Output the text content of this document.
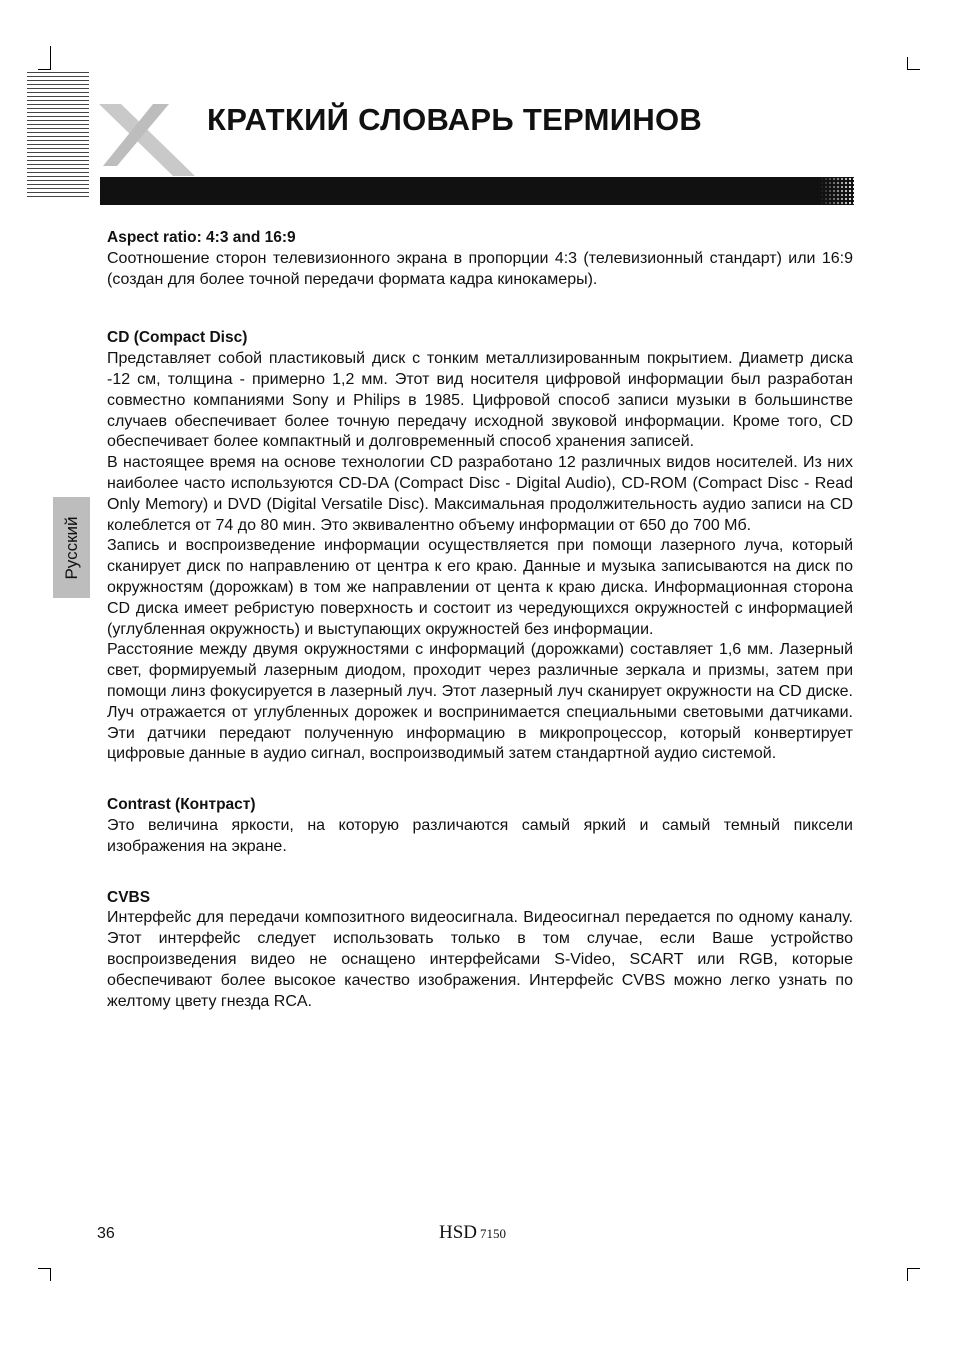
КРАТКИЙ СЛОВАРЬ ТЕРМИНОВ
Русский
Aspect ratio: 4:3 and 16:9

Соотношение сторон телевизионного экрана в пропорции 4:3 (телевизионный стандарт) или 16:9 (создан для более точной передачи формата кадра кинокамеры).

CD (Compact Disc)

Представляет собой пластиковый диск с тонким металлизированным покрытием. Диаметр диска -12 см, толщина - примерно 1,2 мм. Этот вид носителя цифровой информации был разработан совместно компаниями Sony и Philips в 1985. Цифровой способ записи музыки в большинстве случаев обеспечивает более точную передачу исходной звуковой информации. Кроме того, CD обеспечивает более компактный и долговременный способ хранения записей.

В настоящее время на основе технологии CD разработано 12 различных видов носителей. Из них наиболее часто используются CD-DA (Compact Disc - Digital Audio), CD-ROM (Compact Disc - Read Only Memory) и DVD (Digital Versatile Disc). Максимальная продолжительность аудио записи на CD колеблется от 74 до 80 мин. Это эквивалентно объему информации от 650 до 700 Мб.

Запись и воспроизведение информации осуществляется при помощи лазерного луча, который сканирует диск по направлению от центра к его краю. Данные и музыка записываются на диск по окружностям (дорожкам) в том же направлении от цента к краю диска. Информационная сторона CD диска имеет ребристую поверхность и состоит из чередующихся окружностей с информацией (углубленная окружность) и выступающих окружностей без информации.

Расстояние между двумя окружностями с информаций (дорожками) составляет 1,6 мм. Лазерный свет, формируемый лазерным диодом, проходит через различные зеркала и призмы, затем при помощи линз фокусируется в лазерный луч. Этот лазерный луч сканирует окружности на CD диске. Луч отражается от углубленных дорожек и воспринимается специальными световыми датчиками. Эти датчики передают полученную информацию в микропроцессор, который конвертирует цифровые данные в аудио сигнал, воспроизводимый затем стандартной аудио системой.

Contrast (Контраст)

Это величина яркости, на которую различаются самый яркий и самый темный пиксели изображения на экране.

CVBS

Интерфейс для передачи композитного видеосигнала. Видеосигнал передается по одному каналу. Этот интерфейс следует использовать только в том случае, если Ваше устройство воспроизведения видео не оснащено интерфейсами S-Video, SCART или RGB, которые обеспечивают более высокое качество изображения. Интерфейс CVBS можно легко узнать по желтому цвету гнезда RCA.

36	HSD 7150
